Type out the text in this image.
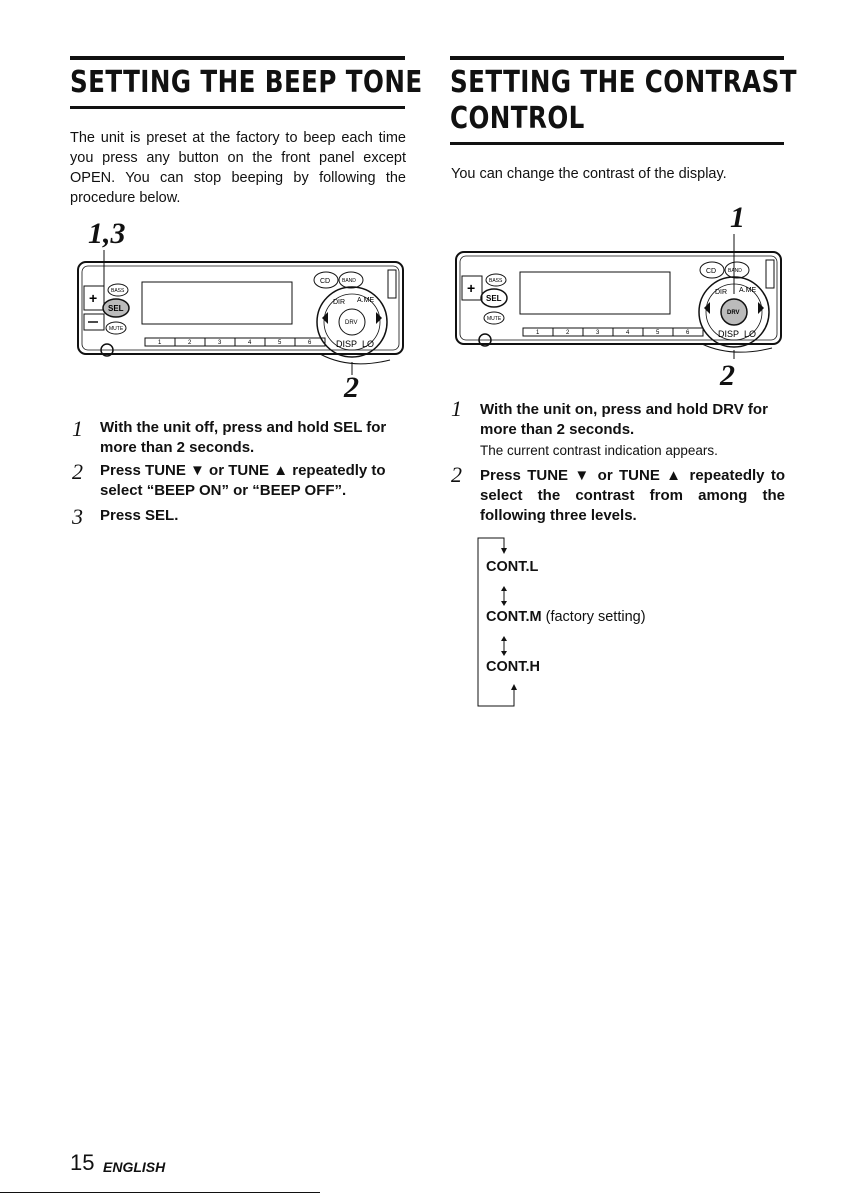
SETTING THE BEEP TONE

The unit is preset at the factory to beep each time you press any button on the front panel except OPEN. You can stop beeping by following the procedure below.

1,3
+	BASS
SEL
MUTE
CD BAND
DRV
DIR A.ME
DISP LO
1	2	3	4	5	6
2
1 With the unit off, press and hold SEL for more than 2 seconds.

2 Press TUNE ▼ or TUNE ▲ repeatedly to select “BEEP ON” or “BEEP OFF”.

3 Press SEL.

SETTING THE CONTRAST
CONTROL

You can change the contrast of the display.

1
+	BASS
SEL
MUTE
CD BAND
DRV
DIR A.ME
DISP LO
1	2	3	4	5	6
2
1 With the unit on, press and hold DRV for more than 2 seconds.

The current contrast indication appears.

2 Press TUNE ▼ or TUNE ▲ repeatedly to select the contrast from among the following three levels.

CONT.L
CONT.M (factory setting)
CONT.H
15 ENGLISH
